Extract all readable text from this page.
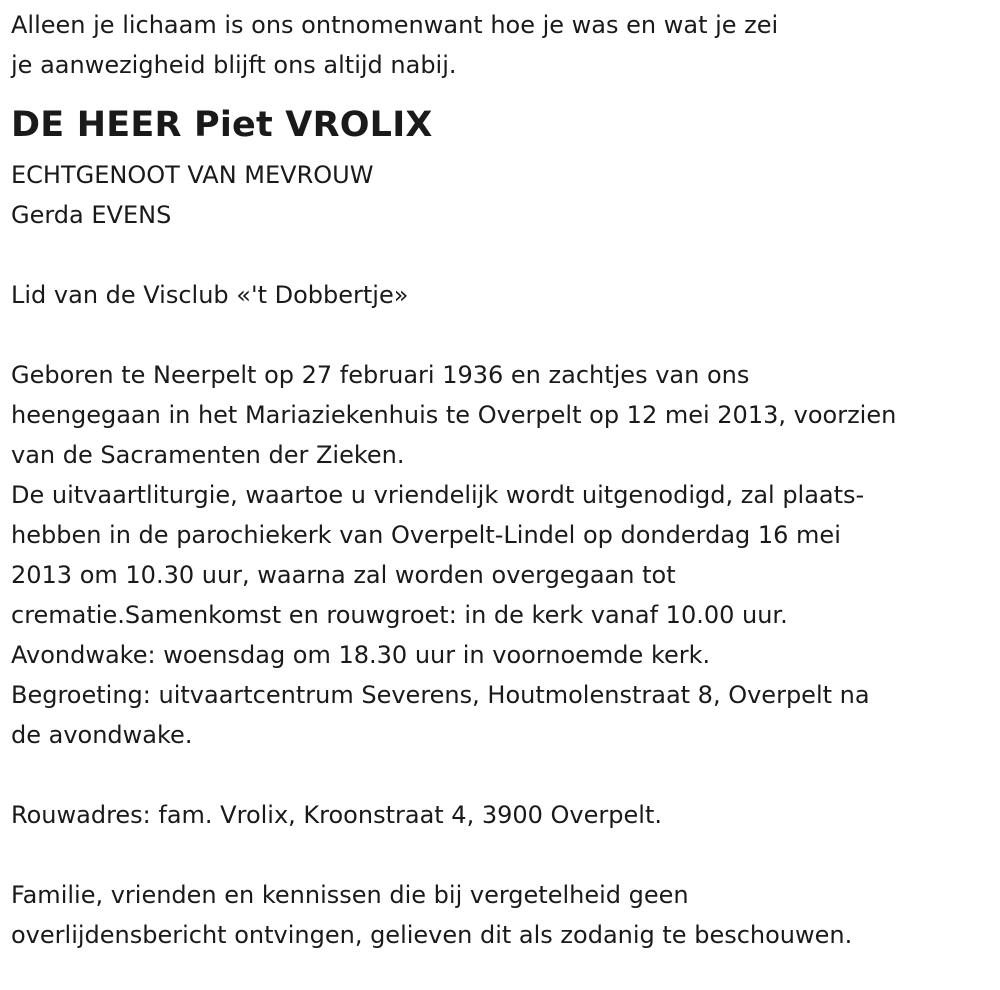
Alleen je lichaam is ons ontnomenwant hoe je was en wat je zei
je aanwezigheid blijft ons altijd nabij.
DE HEER Piet VROLIX
ECHTGENOOT VAN MEVROUW
Gerda EVENS
Lid van de Visclub «'t Dobbertje»
Geboren te Neerpelt op 27 februari 1936 en zachtjes van ons
heengegaan in het Mariaziekenhuis te Overpelt op 12 mei 2013, voorzien
van de Sacramenten der Zieken.
De uitvaartliturgie, waartoe u vriendelijk wordt uitgenodigd, zal plaats-
hebben in de parochiekerk van Overpelt-Lindel op donderdag 16 mei
2013 om 10.30 uur, waarna zal worden overgegaan tot
crematie.Samenkomst en rouwgroet: in de kerk vanaf 10.00 uur.
Avondwake: woensdag om 18.30 uur in voornoemde kerk.
Begroeting: uitvaartcentrum Severens, Houtmolenstraat 8, Overpelt na
de avondwake.
Rouwadres: fam. Vrolix, Kroonstraat 4, 3900 Overpelt.
Familie, vrienden en kennissen die bij vergetelheid geen
overlijdensbericht ontvingen, gelieven dit als zodanig te beschouwen.
